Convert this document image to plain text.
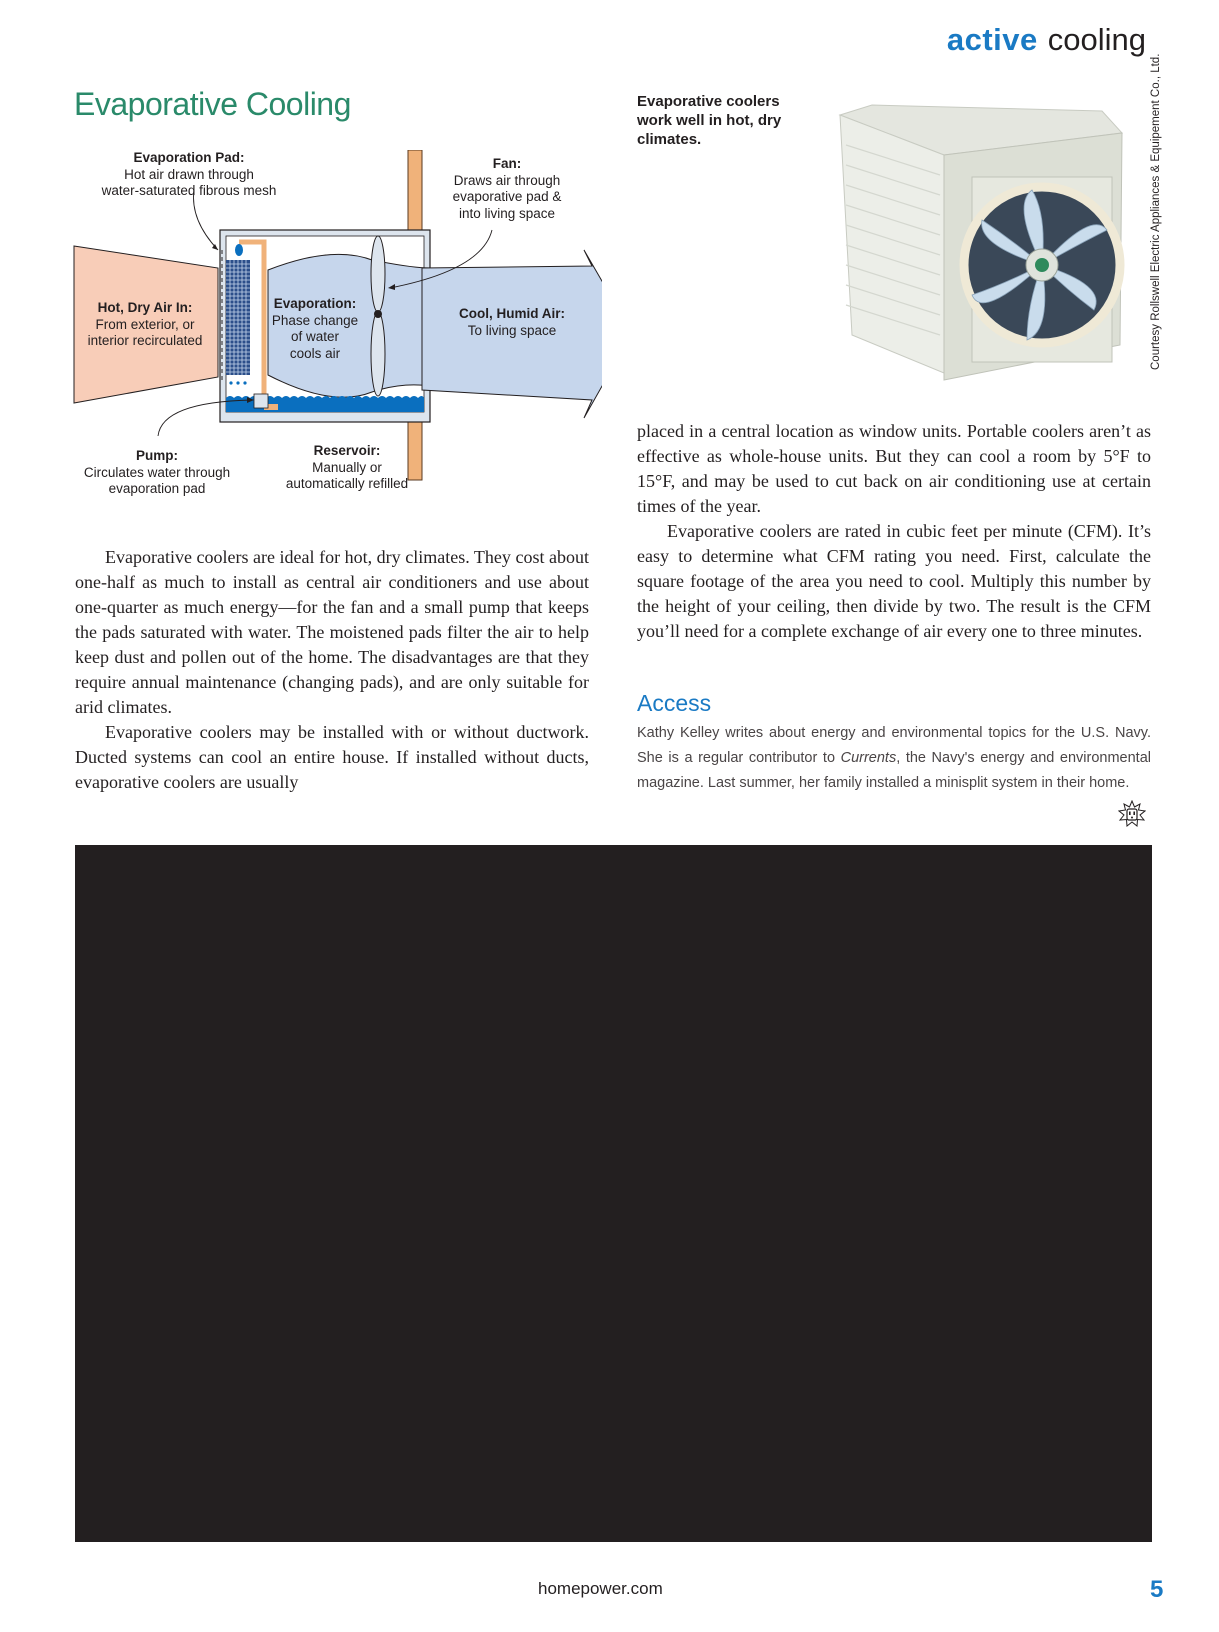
active cooling
Evaporative Cooling
Evaporation Pad:
Hot air drawn through
water-saturated fibrous mesh
Fan:
Draws air through
evaporative pad &
into living space
Hot, Dry Air In:
From exterior, or
interior recirculated
Evaporation:
Phase change
of water
cools air
Cool, Humid Air:
To living space
Pump:
Circulates water through
evaporation pad
Reservoir:
Manually or
automatically refilled
Evaporative coolers work well in hot, dry climates.	Courtesy Rollswell Electric Appliances & Equipement Co., Ltd.

Evaporative coolers are ideal for hot, dry climates. They cost about one-half as much to install as central air conditioners and use about one-quarter as much energy—for the fan and a small pump that keeps the pads saturated with water. The moistened pads filter the air to help keep dust and pollen out of the home. The disadvantages are that they require annual maintenance (changing pads), and are only suitable for arid climates.

Evaporative coolers may be installed with or without ductwork. Ducted systems can cool an entire house. If installed without ducts, evaporative coolers are usually

placed in a central location as window units. Portable coolers aren’t as effective as whole-house units. But they can cool a room by 5°F to 15°F, and may be used to cut back on air conditioning use at certain times of the year.

Evaporative coolers are rated in cubic feet per minute (CFM). It’s easy to determine what CFM rating you need. First, calculate the square footage of the area you need to cool. Multiply this number by the height of your ceiling, then divide by two. The result is the CFM you’ll need for a complete exchange of air every one to three minutes.

Access
Kathy Kelley writes about energy and environmental topics for the U.S. Navy. She is a regular contributor to Currents, the Navy's energy and environmental magazine. Last summer, her family installed a minisplit system in their home.
homepower.com	5
